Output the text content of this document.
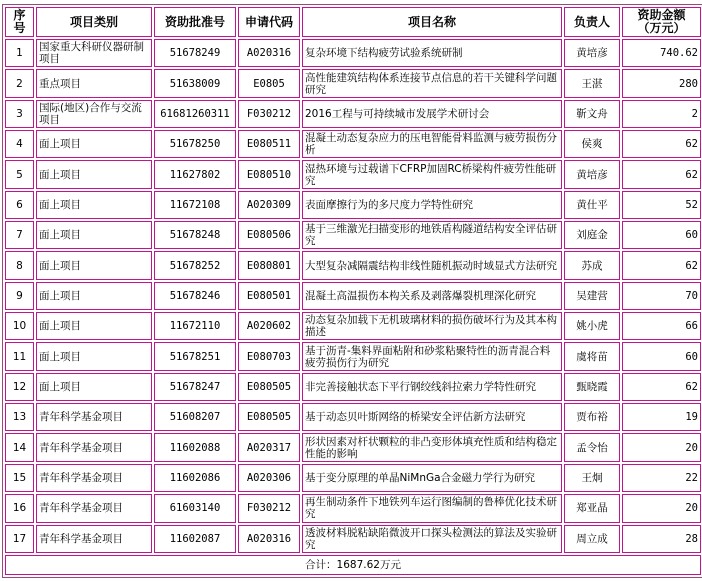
序号	项目类别	资助批准号	申请代码	项目名称	负责人	资助金额
（万元）
1	国家重大科研仪器研制项目	51678249	A020316	复杂环境下结构疲劳试验系统研制	黄培彦	740.62
2	重点项目	51638009	E0805	高性能建筑结构体系连接节点信息的若干关键科学问题研究	王湛	280
3	国际(地区)合作与交流项目	61681260311	F030212	2016工程与可持续城市发展学术研讨会	靳文舟	2
4	面上项目	51678250	E080511	混凝土动态复杂应力的压电智能骨料监测与疲劳损伤分析	侯爽	62
5	面上项目	11627802	E080510	湿热环境与过载谱下CFRP加固RC桥梁构件疲劳性能研究	黄培彦	62
6	面上项目	11672108	A020309	表面摩擦行为的多尺度力学特性研究	黄仕平	52
7	面上项目	51678248	E080506	基于三维激光扫描变形的地铁盾构隧道结构安全评估研究	刘庭金	60
8	面上项目	51678252	E080801	大型复杂减隔震结构非线性随机振动时域显式方法研究	苏成	62
9	面上项目	51678246	E080501	混凝土高温损伤本构关系及剥落爆裂机理深化研究	吴建营	70
10	面上项目	11672110	A020602	动态复杂加载下无机玻璃材料的损伤破坏行为及其本构描述	姚小虎	66
11	面上项目	51678251	E080703	基于沥青-集料界面粘附和砂浆粘聚特性的沥青混合料疲劳损伤行为研究	虞将苗	60
12	面上项目	51678247	E080505	非完善接触状态下平行钢绞线斜拉索力学特性研究	甄晓霞	62
13	青年科学基金项目	51608207	E080505	基于动态贝叶斯网络的桥梁安全评估新方法研究	贾布裕	19
14	青年科学基金项目	11602088	A020317	形状因素对杆状颗粒的非凸变形体填充性质和结构稳定性能的影响	孟令怡	20
15	青年科学基金项目	11602086	A020306	基于变分原理的单晶NiMnGa合金磁力学行为研究	王炯	22
16	青年科学基金项目	61603140	F030212	再生制动条件下地铁列车运行图编制的鲁棒优化技术研究	郑亚晶	20
17	青年科学基金项目	11602087	A020316	透波材料脱粘缺陷微波开口探头检测法的算法及实验研究	周立成	28
合计：1687.62万元						
